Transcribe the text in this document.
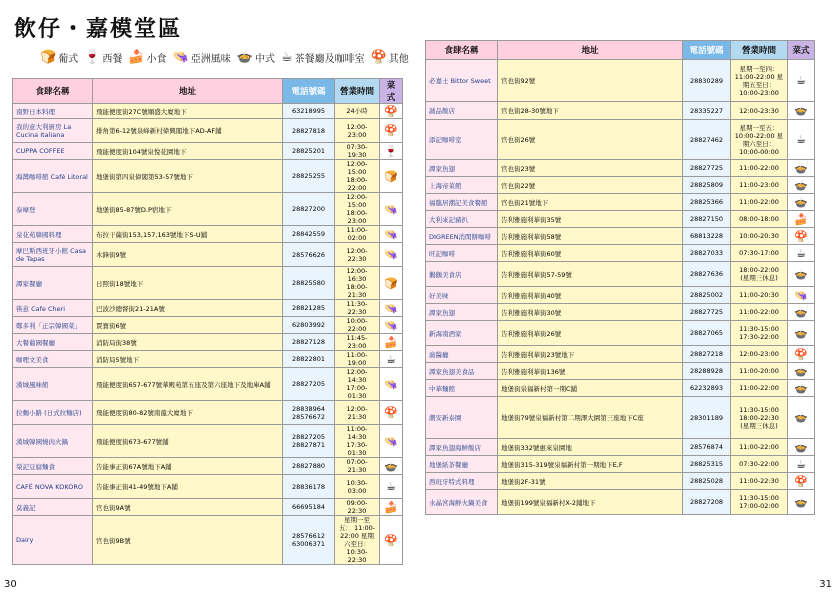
飲仔・嘉模堂區
🍞 葡式 🍷 西餐 🍰 小食 👒 亞洲風味 🍲 中式 ☕ 茶餐廳及咖啡室 🍄 其他
食肆名稱	地址	電話號碼	營業時間	菜式
南野日本料理	飛能便度街27C號順盛大廈地下	63218995	24小時	🍄
我的意大利廚房 La Cucina Italiana	排角第6-12號泉峰新村偉興閣地下AD-AF鋪	28827818	12:00-23:00	🍄
CUPPA COFFEE	飛能便度街104號泉悅花園地下	28825201	07:30-19:30	🍷
海灣咖啡館 Café Litoral	地堡街第四泉偉閣第53-57號地下	28825255	12:00-15:00 18:00-22:00	🍞
泰摩登	地堡街85-87號D.P宿地下	28827200	12:00-15:00 18:00-23:00	👒
泉花苑韓國料理	布拉干薩街153,157,163號地下S-U鋪	28842559	11:00-02:00	👒
摩巴斯西班牙小館 Casa de Tapas	木鋒街9號	28576626	12:00-22:30	👒
譚家餐廳	日照街18號地下	28825580	12:00-16:30 18:00-21:30	🍞
筷意 Cafe Cheri	巴波沙總督街21-21A號	28821285	11:30-22:30	👒
鄭多利「正宗韓國菜」	賈寶街6號	62803992	10:00-22:00	👒
大餐葡國餐廳	消防局街38號	28827128	11:45-23:00	🍰
咖哩文美食	消防局5號地下	28822801	11:00-19:00	☕
漢城風味館	飛能便度街657-677號華殿苑第五座及第六座地下及地庫A鋪	28827205	12:00-14:30 17:00-01:30	👒
拉麵小路 (日式拉麵店)	飛能便度街80-82號南龍大廈地下	28838964 28576672	12:00-21:30	🍄
漢城韓國燒肉火鍋	飛能便度街673-677號鋪	28827205 28827871	11:00-14:30 17:30-01:30	👒
榮記豆腐麵食	告能事正街67A號地下A鋪	28827880	07:00-21:30	🍲
CAFÉ NOVA KOKORO	告能事正街41-49號地下A鋪	28836178	10:30-03:00	☕
莫義記	官也街9A號	66695184	09:00-22:30	🍰
Dairy	官也街9B號	28576612 63006371	星期一至五： 11:00-22:00 星期六至日： 10:30-22:30	🍄
食肆名稱	地址	電話號碼	營業時間	菜式
必嘉士 Bittor Sweet	官也街92號	28830289	星期一至四： 11:00-22:00 星期五至日： 10:00-23:00	☕
誠品飯店	官也街28-30號地下	28335227	12:00-23:30	🍲
添記咖啡室	官也街26號	28827462	星期一至五： 10:00-22:00 星期六至日： 10:00-00:00	☕
譚家魚翅	官也街23號	28827725	11:00-22:00	🍲
上海帝菜館	官也街22號	28825809	11:00-23:00	🍲
福臨居潮記美食餐館	官也街21號地下	28825366	11:00-22:00	🍲
大利來記豬扒	告利雅施利華街35號	28827150	08:00-18:00	🍰
DIGREEN消閑餅咖啡	告利雅施利華街58號	68813228	10:00-20:30	🍄
旺記咖啡	告利雅施利華街60號	28827033	07:30-17:00	☕
鵝鵝美食店	告利雅施利華街57-59號	28827636	18:00-22:00 (星期三休息)	🍲
好美味	告利雅施利華街40號	28825002	11:00-20:30	👒
譚家魚翅	告利雅施利華街30號	28827725	11:00-22:00	🍲
新海南酒家	告利雅施利華街26號	28827065	11:30-15:00 17:30-22:00	🍲
廣醫廳	告利雅施利華街23號地下	28827218	12:00-23:00	🍄
譚家魚翅美食品	告利雅施利華街136號	28288928	11:00-20:00	🍲
中華麵館	地堡街泉福新村第一期C鋪	62232893	11:00-22:00	🍲
潮安新泰園	地堡街79號泉福新村第二期澤大園第三座地下C座	28301189	11:30-15:00 18:00-22:30 (星期三休息)	🍲
譚家魚翅海鮮飯店	地堡街332號惠來泉園地	28576874	11:00-22:00	🍲
地堡紙茶餐廳	地堡街315-319號泉福新村第一期地下E,F	28825315	07:30-22:00	☕
西班牙特式料理	地堡街2F-31號	28825028	11:00-22:30	🍄
水晶宮海鮮火鍋美食	地堡街199號泉福新村X-2鋪地下	28827208	11:30-15:00 17:00-02:00	🍲
30	31
